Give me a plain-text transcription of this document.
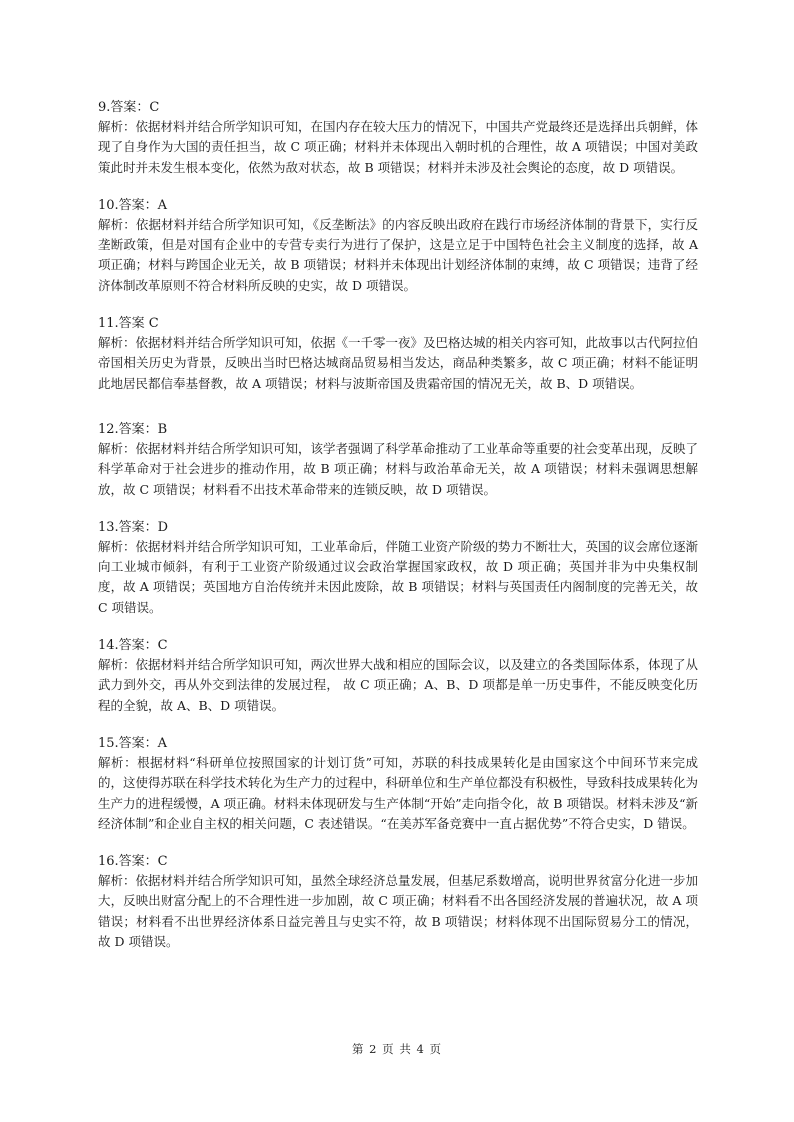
9.答案：C

解析：依据材料并结合所学知识可知，在国内存在较大压力的情况下，中国共产党最终还是选择出兵朝鲜，体现了自身作为大国的责任担当，故 C 项正确；材料并未体现出入朝时机的合理性，故 A 项错误；中国对美政策此时并未发生根本变化，依然为敌对状态，故 B 项错误；材料并未涉及社会舆论的态度，故 D 项错误。

10.答案：A

解析：依据材料并结合所学知识可知，《反垄断法》的内容反映出政府在践行市场经济体制的背景下，实行反垄断政策，但是对国有企业中的专营专卖行为进行了保护，这是立足于中国特色社会主义制度的选择，故 A 项正确；材料与跨国企业无关，故 B 项错误；材料并未体现出计划经济体制的束缚，故 C 项错误；违背了经济体制改革原则不符合材料所反映的史实，故 D 项错误。

11.答案 C

解析：依据材料并结合所学知识可知，依据《一千零一夜》及巴格达城的相关内容可知，此故事以古代阿拉伯帝国相关历史为背景，反映出当时巴格达城商品贸易相当发达，商品种类繁多，故 C 项正确；材料不能证明此地居民都信奉基督教，故 A 项错误；材料与波斯帝国及贵霜帝国的情况无关，故 B、D 项错误。

12.答案：B

解析：依据材料并结合所学知识可知，该学者强调了科学革命推动了工业革命等重要的社会变革出现，反映了科学革命对于社会进步的推动作用，故 B 项正确；材料与政治革命无关，故 A 项错误；材料未强调思想解放，故 C 项错误；材料看不出技术革命带来的连锁反映，故 D 项错误。

13.答案：D

解析：依据材料并结合所学知识可知，工业革命后，伴随工业资产阶级的势力不断壮大，英国的议会席位逐渐向工业城市倾斜，有利于工业资产阶级通过议会政治掌握国家政权，故 D 项正确；英国并非为中央集权制度，故 A 项错误；英国地方自治传统并未因此废除，故 B 项错误；材料与英国责任内阁制度的完善无关，故 C 项错误。

14.答案：C

解析：依据材料并结合所学知识可知，两次世界大战和相应的国际会议，以及建立的各类国际体系，体现了从武力到外交，再从外交到法律的发展过程， 故 C 项正确；A、B、D 项都是单一历史事件，不能反映变化历程的全貌，故 A、B、D 项错误。

15.答案：A

解析：根据材料“科研单位按照国家的计划订货”可知，苏联的科技成果转化是由国家这个中间环节来完成的，这使得苏联在科学技术转化为生产力的过程中，科研单位和生产单位都没有积极性，导致科技成果转化为生产力的进程缓慢，A 项正确。材料未体现研发与生产体制“开始”走向指令化，故 B 项错误。材料未涉及“新经济体制”和企业自主权的相关问题，C 表述错误。“在美苏军备竞赛中一直占据优势”不符合史实，D 错误。

16.答案：C

解析：依据材料并结合所学知识可知，虽然全球经济总量发展，但基尼系数增高，说明世界贫富分化进一步加大，反映出财富分配上的不合理性进一步加剧，故 C 项正确；材料看不出各国经济发展的普遍状况，故 A 项错误；材料看不出世界经济体系日益完善且与史实不符，故 B 项错误；材料体现不出国际贸易分工的情况，故 D 项错误。

第 2 页 共 4 页
